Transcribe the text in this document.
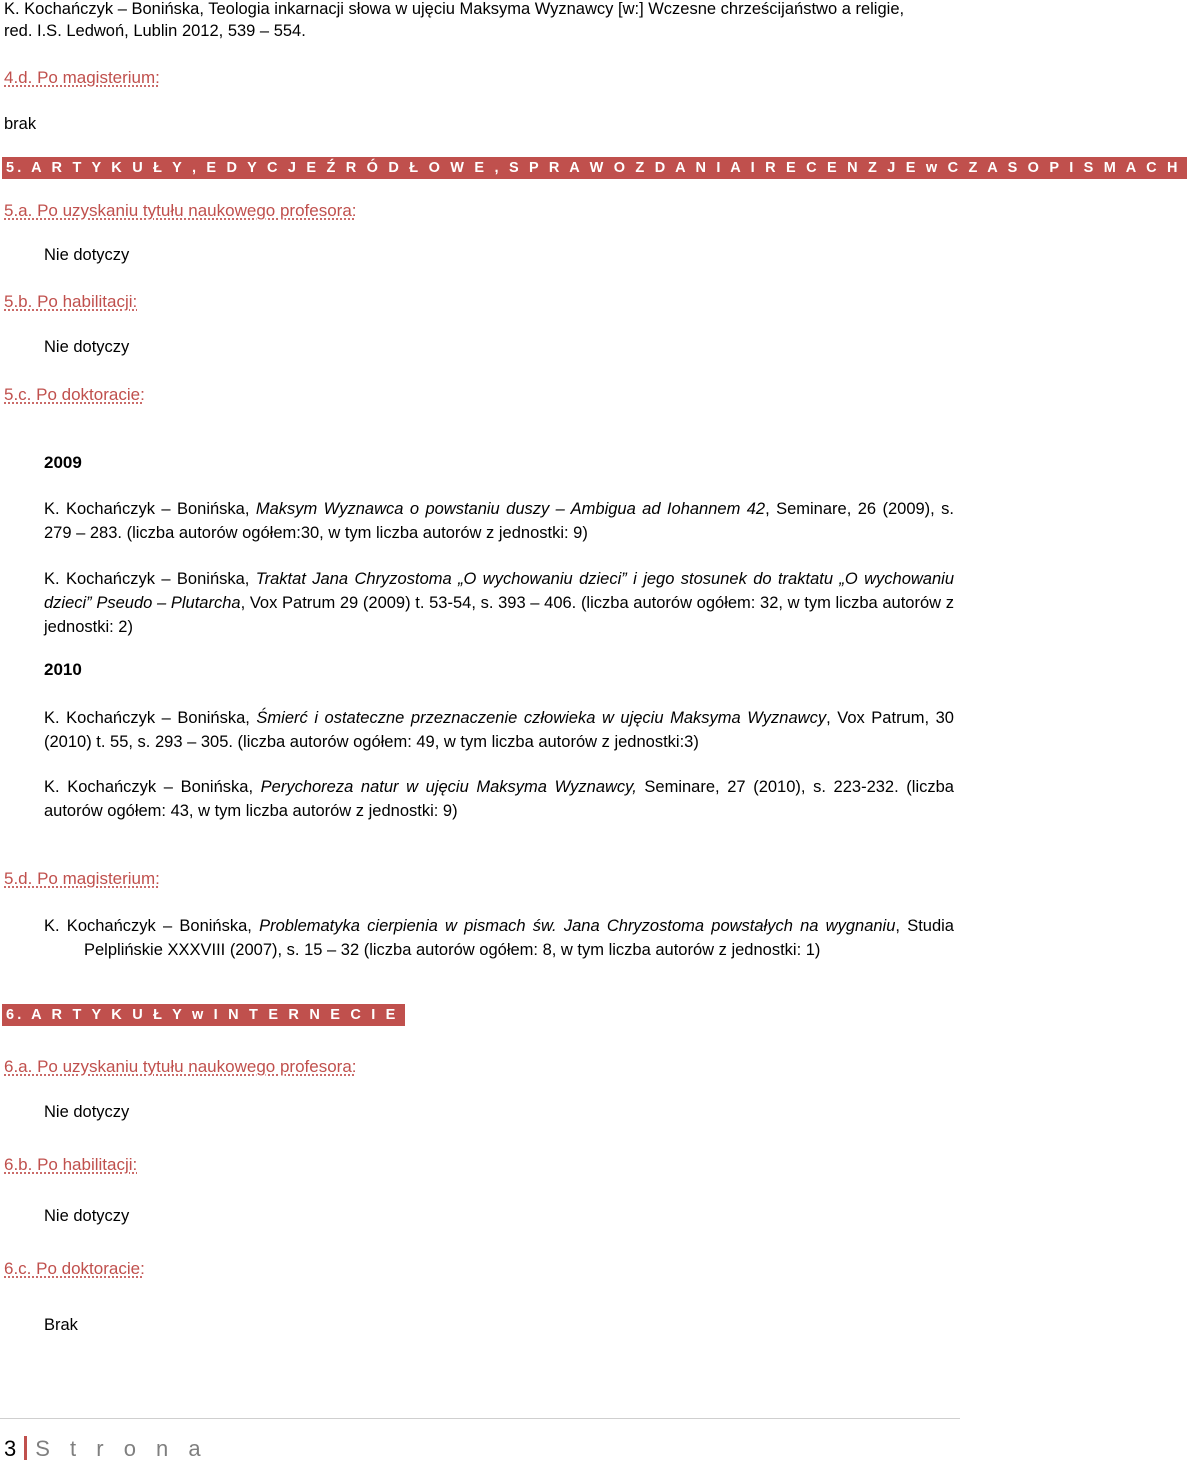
K. Kochańczyk – Bonińska, Teologia inkarnacji słowa w ujęciu Maksyma Wyznawcy [w:] Wczesne chrześcijaństwo a religie,
red. I.S. Ledwoń, Lublin 2012, 539 – 554.
4.d. Po magisterium:
brak
5. A R T Y K U Ł Y , E D Y C J E Ź R Ó D Ł O W E , S P R A W O Z D A N I A I R E C E N Z J E w C Z A S O P I S M A C H
5.a. Po uzyskaniu tytułu naukowego profesora:
Nie dotyczy
5.b. Po habilitacji:
Nie dotyczy
5.c. Po doktoracie:
2009
K. Kochańczyk – Bonińska, Maksym Wyznawca o powstaniu duszy – Ambigua ad Iohannem 42, Seminare, 26 (2009), s. 279 – 283. (liczba autorów ogółem:30, w tym liczba autorów z jednostki: 9)
K. Kochańczyk – Bonińska, Traktat Jana Chryzostoma „O wychowaniu dzieci” i jego stosunek do traktatu „O wychowaniu dzieci” Pseudo – Plutarcha, Vox Patrum 29 (2009) t. 53-54, s. 393 – 406. (liczba autorów ogółem: 32, w tym liczba autorów z jednostki: 2)
2010
K. Kochańczyk – Bonińska, Śmierć i ostateczne przeznaczenie człowieka w ujęciu Maksyma Wyznawcy, Vox Patrum, 30 (2010) t. 55, s. 293 – 305. (liczba autorów ogółem: 49, w tym liczba autorów z jednostki:3)
K. Kochańczyk – Bonińska, Perychoreza natur w ujęciu Maksyma Wyznawcy, Seminare, 27 (2010), s. 223-232. (liczba autorów ogółem: 43, w tym liczba autorów z jednostki: 9)
5.d. Po magisterium:
K. Kochańczyk – Bonińska, Problematyka cierpienia w pismach św. Jana Chryzostoma powstałych na wygnaniu, Studia Pelplińskie XXXVIII (2007), s. 15 – 32 (liczba autorów ogółem: 8, w tym liczba autorów z jednostki: 1)
6. A R T Y K U Ł Y w I N T E R N E C I E
6.a. Po uzyskaniu tytułu naukowego profesora:
Nie dotyczy
6.b. Po habilitacji:
Nie dotyczy
6.c. Po doktoracie:
Brak
3 S t r o n a
